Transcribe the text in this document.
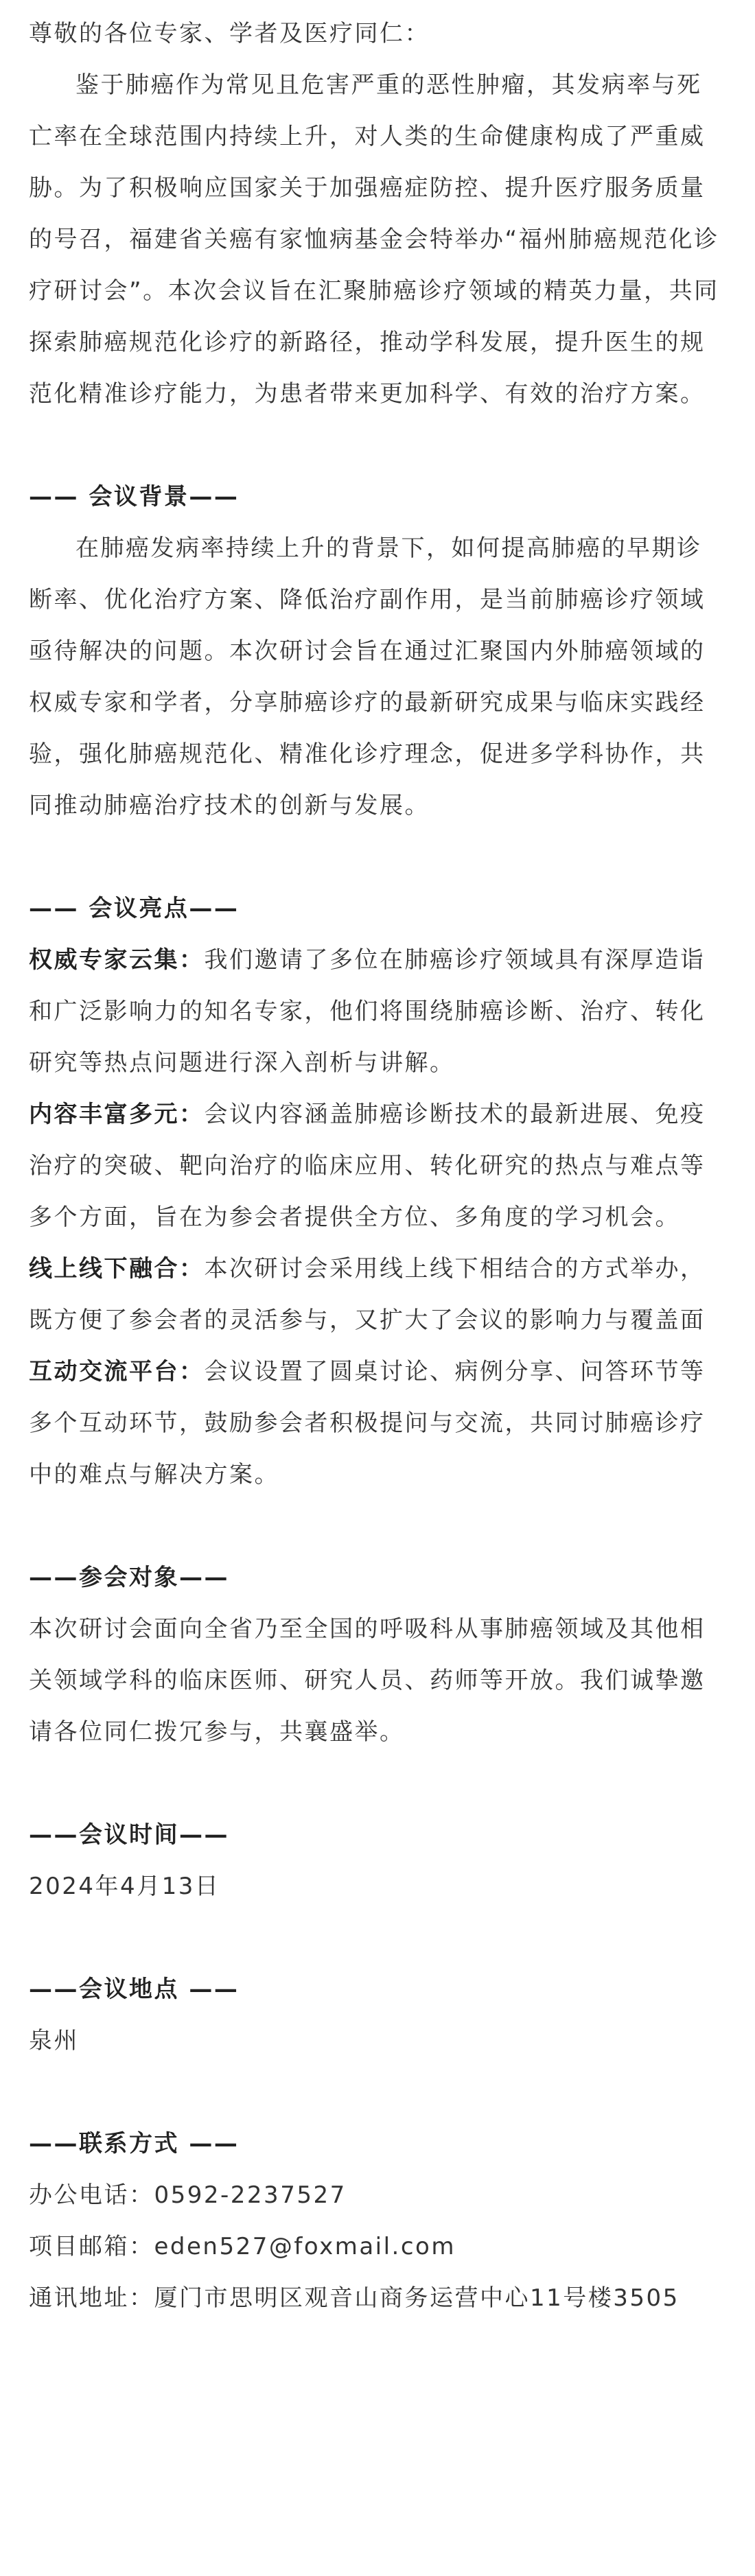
尊敬的各位专家、学者及医疗同仁：

鉴于肺癌作为常见且危害严重的恶性肿瘤，其发病率与死亡率在全球范围内持续上升，对人类的生命健康构成了严重威胁。为了积极响应国家关于加强癌症防控、提升医疗服务质量的号召，福建省关癌有家恤病基金会特举办“福州肺癌规范化诊疗研讨会”。本次会议旨在汇聚肺癌诊疗领域的精英力量，共同探索肺癌规范化诊疗的新路径，推动学科发展，提升医生的规范化精准诊疗能力，为患者带来更加科学、有效的治疗方案。

—— 会议背景——

在肺癌发病率持续上升的背景下，如何提高肺癌的早期诊断率、优化治疗方案、降低治疗副作用，是当前肺癌诊疗领域亟待解决的问题。本次研讨会旨在通过汇聚国内外肺癌领域的权威专家和学者，分享肺癌诊疗的最新研究成果与临床实践经验，强化肺癌规范化、精准化诊疗理念，促进多学科协作，共同推动肺癌治疗技术的创新与发展。

—— 会议亮点——

权威专家云集：我们邀请了多位在肺癌诊疗领域具有深厚造诣和广泛影响力的知名专家，他们将围绕肺癌诊断、治疗、转化研究等热点问题进行深入剖析与讲解。

内容丰富多元：会议内容涵盖肺癌诊断技术的最新进展、免疫治疗的突破、靶向治疗的临床应用、转化研究的热点与难点等多个方面，旨在为参会者提供全方位、多角度的学习机会。

线上线下融合：本次研讨会采用线上线下相结合的方式举办，既方便了参会者的灵活参与，又扩大了会议的影响力与覆盖面

互动交流平台：会议设置了圆桌讨论、病例分享、问答环节等多个互动环节，鼓励参会者积极提问与交流，共同讨肺癌诊疗中的难点与解决方案。

——参会对象——

本次研讨会面向全省乃至全国的呼吸科从事肺癌领域及其他相关领域学科的临床医师、研究人员、药师等开放。我们诚挚邀请各位同仁拨冗参与，共襄盛举。

——会议时间——

2024年4月13日

——会议地点 ——

泉州

——联系方式 ——

办公电话：0592-2237527

项目邮箱：eden527@foxmail.com

通讯地址：厦门市思明区观音山商务运营中心11号楼3505
